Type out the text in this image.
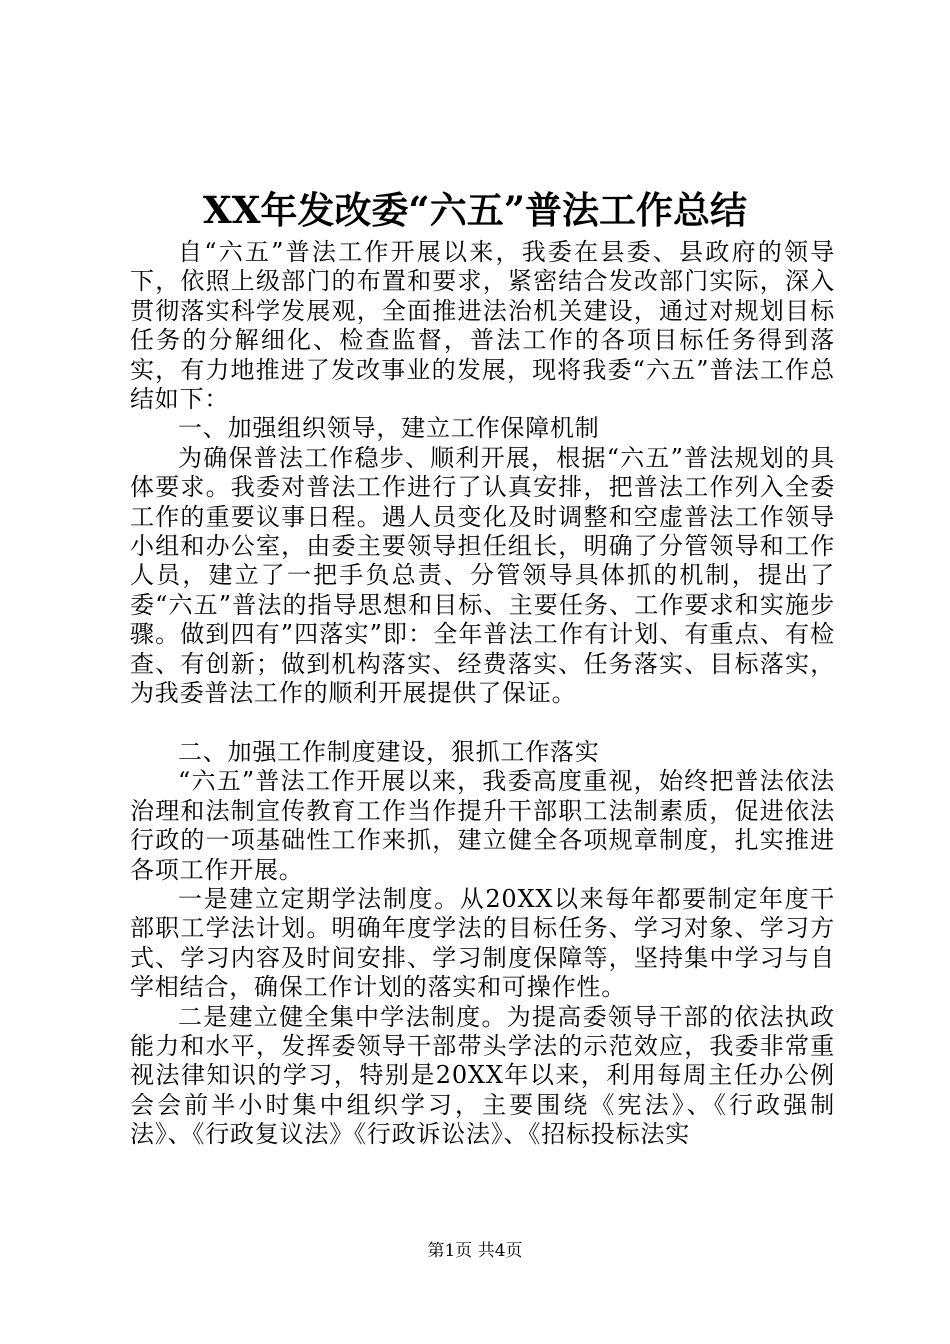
XX年发改委“六五”普法工作总结

自“六五”普法工作开展以来，我委在县委、县政府的领导下，依照上级部门的布置和要求，紧密结合发改部门实际，深入贯彻落实科学发展观，全面推进法治机关建设，通过对规划目标任务的分解细化、检查监督，普法工作的各项目标任务得到落实，有力地推进了发改事业的发展，现将我委“六五”普法工作总结如下：

一、加强组织领导，建立工作保障机制

为确保普法工作稳步、顺利开展，根据“六五”普法规划的具体要求。我委对普法工作进行了认真安排，把普法工作列入全委工作的重要议事日程。遇人员变化及时调整和空虚普法工作领导小组和办公室，由委主要领导担任组长，明确了分管领导和工作人员，建立了一把手负总责、分管领导具体抓的机制，提出了委“六五”普法的指导思想和目标、主要任务、工作要求和实施步骤。做到四有”四落实”即：全年普法工作有计划、有重点、有检查、有创新；做到机构落实、经费落实、任务落实、目标落实，为我委普法工作的顺利开展提供了保证。

二、加强工作制度建设，狠抓工作落实

“六五”普法工作开展以来，我委高度重视，始终把普法依法治理和法制宣传教育工作当作提升干部职工法制素质，促进依法行政的一项基础性工作来抓，建立健全各项规章制度，扎实推进各项工作开展。

一是建立定期学法制度。从20XX以来每年都要制定年度干部职工学法计划。明确年度学法的目标任务、学习对象、学习方式、学习内容及时间安排、学习制度保障等，坚持集中学习与自学相结合，确保工作计划的落实和可操作性。

二是建立健全集中学法制度。为提高委领导干部的依法执政能力和水平，发挥委领导干部带头学法的示范效应，我委非常重视法律知识的学习，特别是20XX年以来，利用每周主任办公例会会前半小时集中组织学习，主要围绕《宪法》、《行政强制法》、《行政复议法》《行政诉讼法》、《招标投标法实

第1页 共4页
